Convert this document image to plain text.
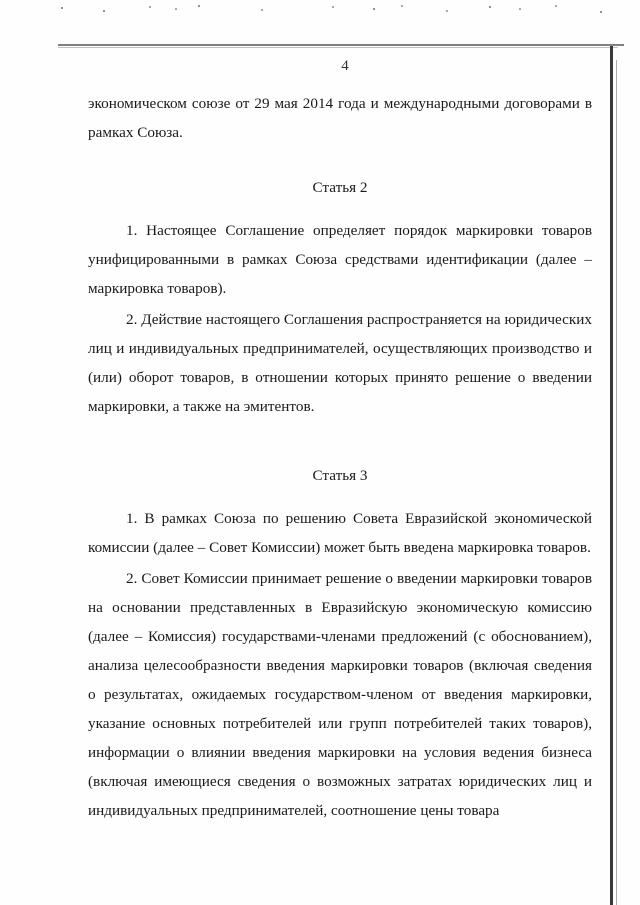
4

экономическом союзе от 29 мая 2014 года и международными договорами в рамках Союза.

Статья 2

1. Настоящее Соглашение определяет порядок маркировки товаров унифицированными в рамках Союза средствами идентификации (далее – маркировка товаров).

2. Действие настоящего Соглашения распространяется на юридических лиц и индивидуальных предпринимателей, осуществляющих производство и (или) оборот товаров, в отношении которых принято решение о введении маркировки, а также на эмитентов.

Статья 3

1. В рамках Союза по решению Совета Евразийской экономической комиссии (далее – Совет Комиссии) может быть введена маркировка товаров.

2. Совет Комиссии принимает решение о введении маркировки товаров на основании представленных в Евразийскую экономическую комиссию (далее – Комиссия) государствами-членами предложений (с обоснованием), анализа целесообразности введения маркировки товаров (включая сведения о результатах, ожидаемых государством-членом от введения маркировки, указание основных потребителей или групп потребителей таких товаров), информации о влиянии введения маркировки на условия ведения бизнеса (включая имеющиеся сведения о возможных затратах юридических лиц и индивидуальных предпринимателей, соотношение цены товара
